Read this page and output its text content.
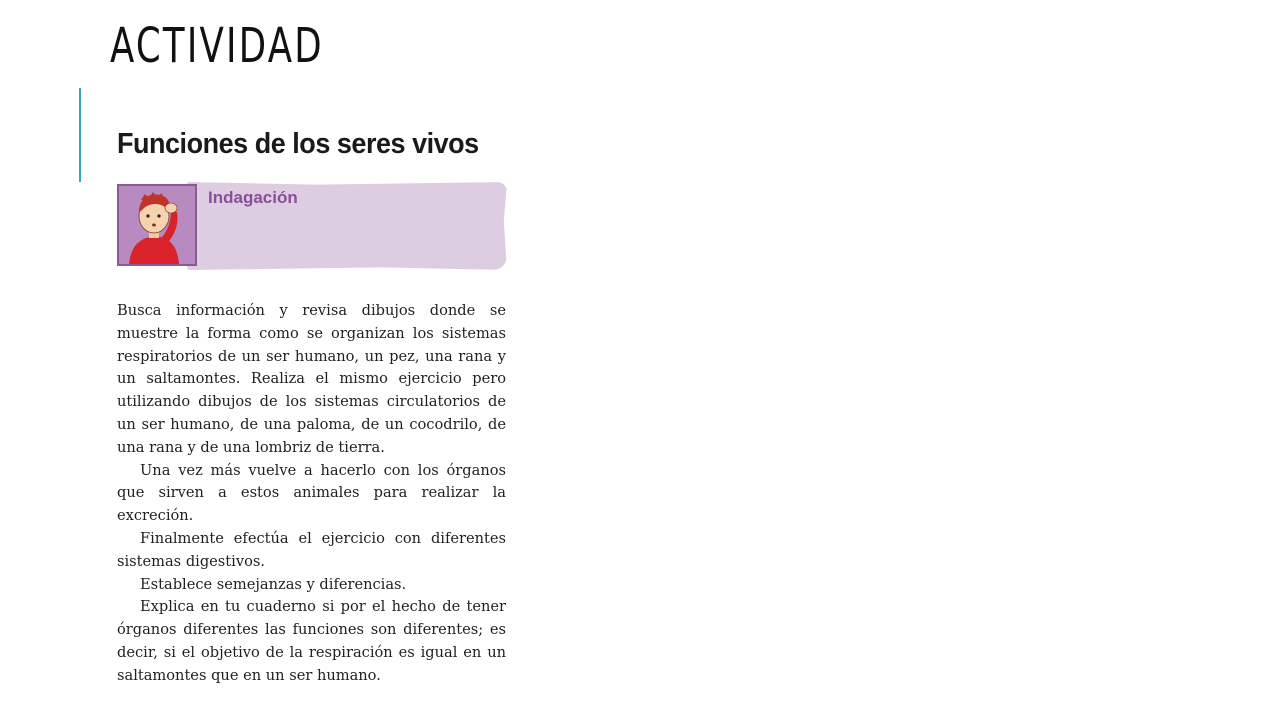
ACTIVIDAD
Funciones de los seres vivos
Indagación

Busca información y revisa dibujos donde se muestre la forma como se organizan los sistemas respiratorios de un ser humano, un pez, una rana y un saltamontes. Realiza el mismo ejercicio pero utilizando dibujos de los sistemas circulatorios de un ser humano, de una paloma, de un cocodrilo, de una rana y de una lombriz de tierra.

Una vez más vuelve a hacerlo con los órganos que sirven a estos animales para realizar la excreción.

Finalmente efectúa el ejercicio con diferentes sistemas digestivos.

Establece semejanzas y diferencias.

Explica en tu cuaderno si por el hecho de tener órganos diferentes las funciones son diferentes; es decir, si el objetivo de la respiración es igual en un saltamontes que en un ser humano.
